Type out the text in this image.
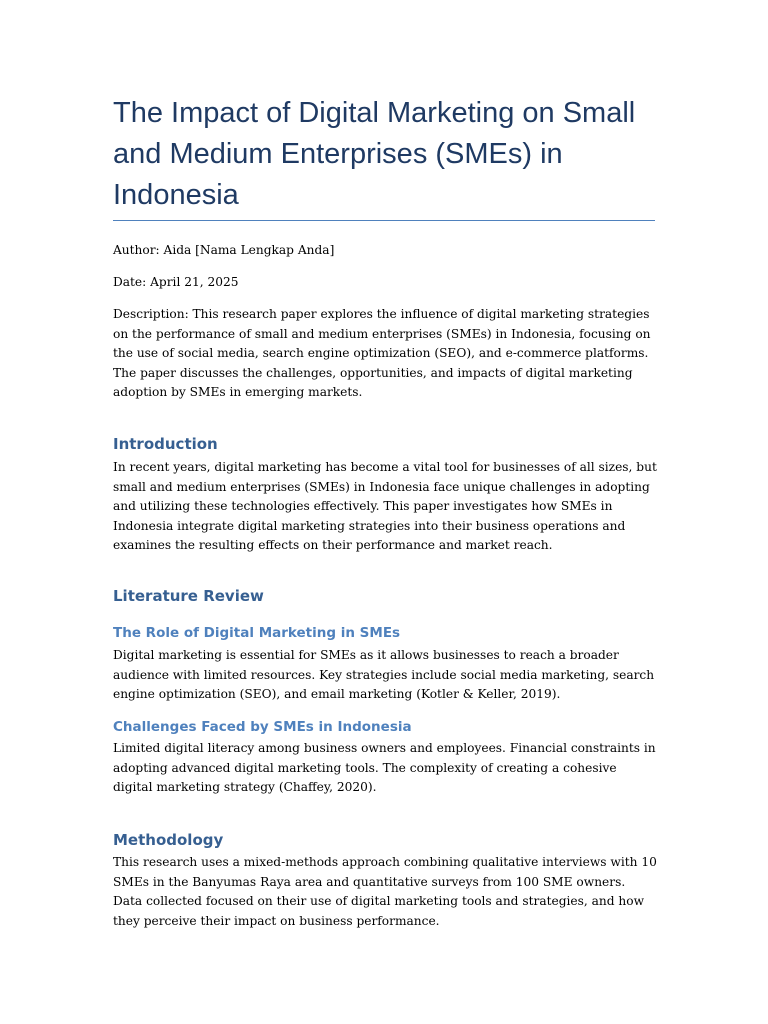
The Impact of Digital Marketing on Small and Medium Enterprises (SMEs) in Indonesia

Author: Aida [Nama Lengkap Anda]

Date: April 21, 2025

Description: This research paper explores the influence of digital marketing strategies on the performance of small and medium enterprises (SMEs) in Indonesia, focusing on the use of social media, search engine optimization (SEO), and e-commerce platforms. The paper discusses the challenges, opportunities, and impacts of digital marketing adoption by SMEs in emerging markets.

Introduction

In recent years, digital marketing has become a vital tool for businesses of all sizes, but small and medium enterprises (SMEs) in Indonesia face unique challenges in adopting and utilizing these technologies effectively. This paper investigates how SMEs in Indonesia integrate digital marketing strategies into their business operations and examines the resulting effects on their performance and market reach.

Literature Review
The Role of Digital Marketing in SMEs

Digital marketing is essential for SMEs as it allows businesses to reach a broader audience with limited resources. Key strategies include social media marketing, search engine optimization (SEO), and email marketing (Kotler & Keller, 2019).

Challenges Faced by SMEs in Indonesia

Limited digital literacy among business owners and employees. Financial constraints in adopting advanced digital marketing tools. The complexity of creating a cohesive digital marketing strategy (Chaffey, 2020).

Methodology

This research uses a mixed-methods approach combining qualitative interviews with 10 SMEs in the Banyumas Raya area and quantitative surveys from 100 SME owners. Data collected focused on their use of digital marketing tools and strategies, and how they perceive their impact on business performance.
